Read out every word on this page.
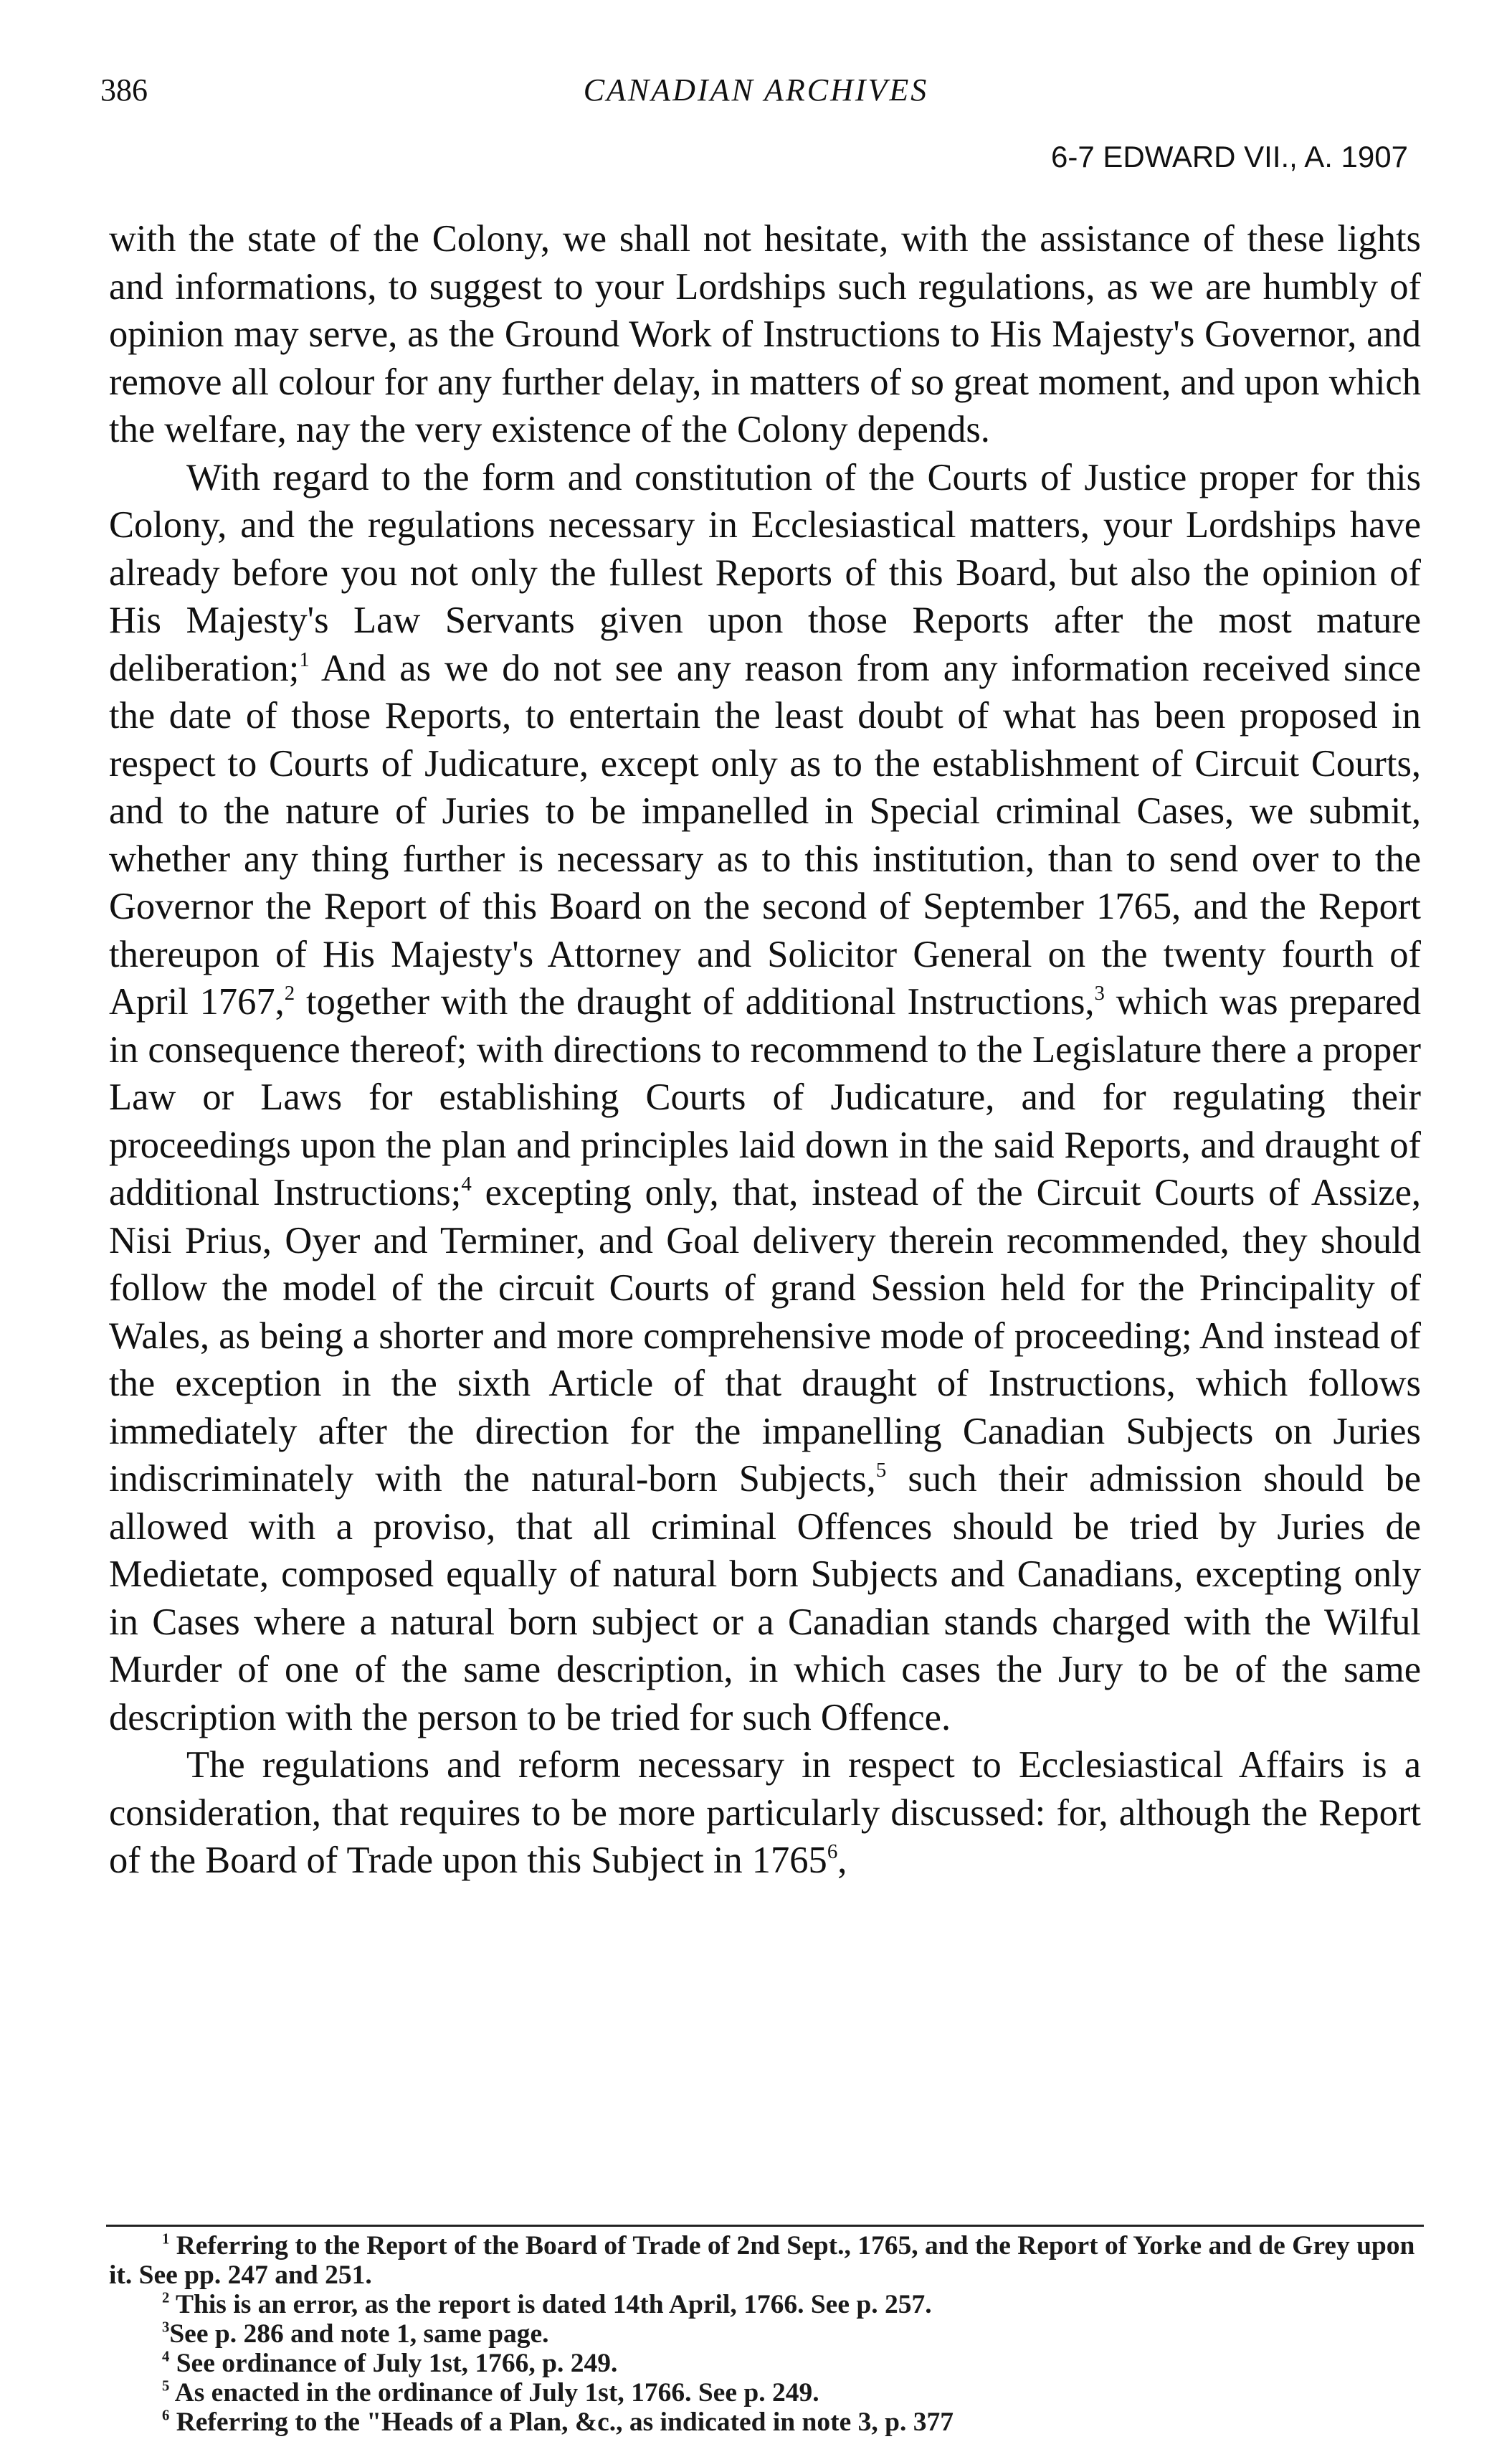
386	CANADIAN ARCHIVES
6-7 EDWARD VII., A. 1907

with the state of the Colony, we shall not hesitate, with the assistance of these lights and informations, to suggest to your Lordships such regulations, as we are humbly of opinion may serve, as the Ground Work of Instructions to His Majesty's Governor, and remove all colour for any further delay, in matters of so great moment, and upon which the welfare, nay the very existence of the Colony depends.

With regard to the form and constitution of the Courts of Justice proper for this Colony, and the regulations necessary in Ecclesiastical matters, your Lordships have already before you not only the fullest Reports of this Board, but also the opinion of His Majesty's Law Servants given upon those Reports after the most mature deliberation;$^1$ And as we do not see any reason from any information received since the date of those Reports, to entertain the least doubt of what has been proposed in respect to Courts of Judicature, except only as to the establishment of Circuit Courts, and to the nature of Juries to be impanelled in Special criminal Cases, we submit, whether any thing further is necessary as to this institution, than to send over to the Governor the Report of this Board on the second of September 1765, and the Report thereupon of His Majesty's Attorney and Solicitor General on the twenty fourth of April 1767,$^2$ together with the draught of additional Instructions,$^3$ which was prepared in consequence thereof; with directions to recommend to the Legislature there a proper Law or Laws for establishing Courts of Judicature, and for regulating their proceedings upon the plan and principles laid down in the said Reports, and draught of additional Instructions;$^4$ excepting only, that, instead of the Circuit Courts of Assize, Nisi Prius, Oyer and Terminer, and Goal delivery therein recommended, they should follow the model of the circuit Courts of grand Session held for the Principality of Wales, as being a shorter and more comprehensive mode of proceeding; And instead of the exception in the sixth Article of that draught of Instructions, which follows immediately after the direction for the impanelling Canadian Subjects on Juries indiscriminately with the natural-born Subjects,$^5$ such their admission should be allowed with a proviso, that all criminal Offences should be tried by Juries de Medietate, composed equally of natural born Subjects and Canadians, excepting only in Cases where a natural born subject or a Canadian stands charged with the Wilful Murder of one of the same description, in which cases the Jury to be of the same description with the person to be tried for such Offence.

The regulations and reform necessary in respect to Ecclesiastical Affairs is a consideration, that requires to be more particularly discussed: for, although the Report of the Board of Trade upon this Subject in 1765$^6$,

$^1$ Referring to the Report of the Board of Trade of 2nd Sept., 1765, and the Report of Yorke and de Grey upon it. See pp. 247 and 251.

$^2$ This is an error, as the report is dated 14th April, 1766. See p. 257.

$^3$See p. 286 and note 1, same page.

$^4$ See ordinance of July 1st, 1766, p. 249.

$^5$ As enacted in the ordinance of July 1st, 1766. See p. 249.

$^6$ Referring to the "Heads of a Plan, &c., as indicated in note 3, p. 377
